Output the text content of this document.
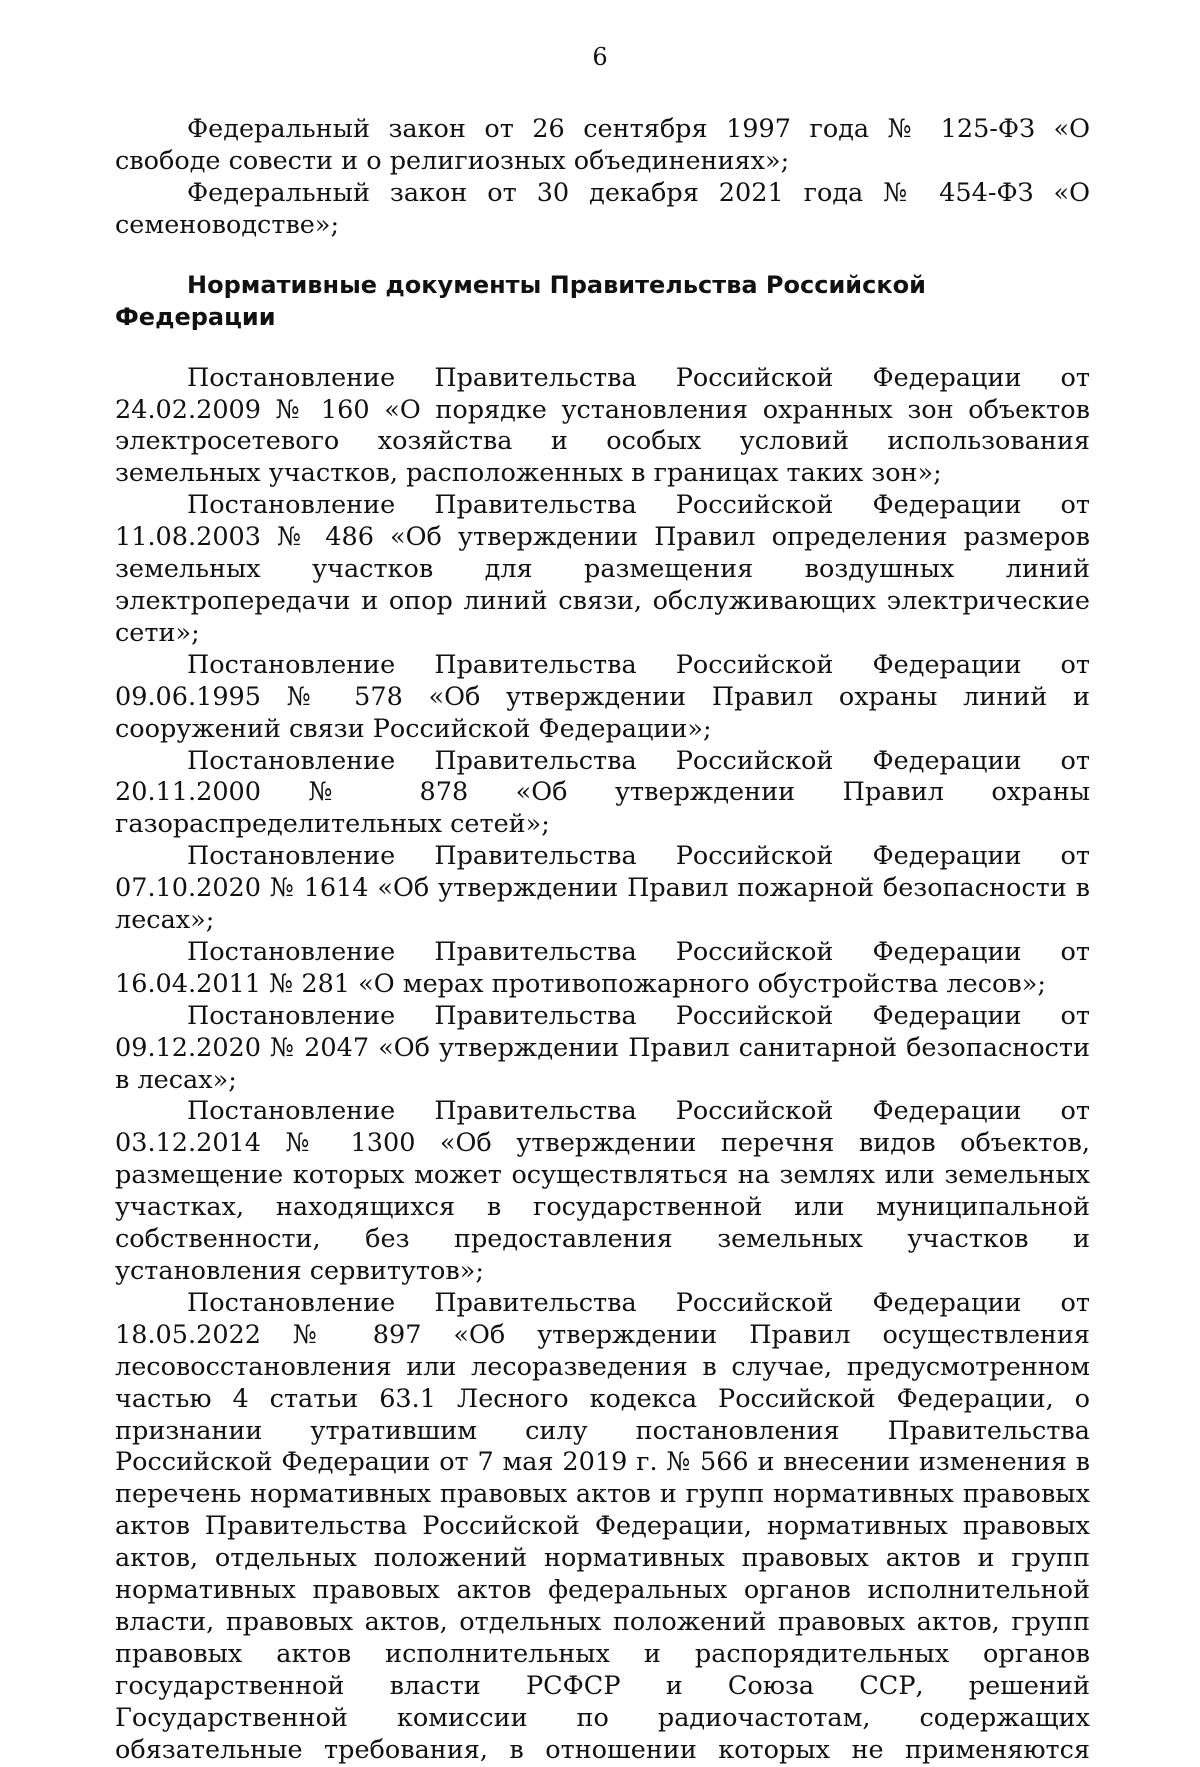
6

Федеральный закон от 26 сентября 1997 года № 125-ФЗ «О свободе совести и о религиозных объединениях»;

Федеральный закон от 30 декабря 2021 года № 454-ФЗ «О семеноводстве»;

Нормативные документы Правительства Российской Федерации

Постановление Правительства Российской Федерации от 24.02.2009 № 160 «О порядке установления охранных зон объектов электросетевого хозяйства и особых условий использования земельных участков, расположенных в границах таких зон»;

Постановление Правительства Российской Федерации от 11.08.2003 № 486 «Об утверждении Правил определения размеров земельных участков для размещения воздушных линий электропередачи и опор линий связи, обслуживающих электрические сети»;

Постановление Правительства Российской Федерации от 09.06.1995 № 578 «Об утверждении Правил охраны линий и сооружений связи Российской Федерации»;

Постановление Правительства Российской Федерации от 20.11.2000 № 878 «Об утверждении Правил охраны газораспределительных сетей»;

Постановление Правительства Российской Федерации от 07.10.2020 № 1614 «Об утверждении Правил пожарной безопасности в лесах»;

Постановление Правительства Российской Федерации от 16.04.2011 № 281 «О мерах противопожарного обустройства лесов»;

Постановление Правительства Российской Федерации от 09.12.2020 № 2047 «Об утверждении Правил санитарной безопасности в лесах»;

Постановление Правительства Российской Федерации от 03.12.2014 № 1300 «Об утверждении перечня видов объектов, размещение которых может осуществляться на землях или земельных участках, находящихся в государственной или муниципальной собственности, без предоставления земельных участков и установления сервитутов»;

Постановление Правительства Российской Федерации от 18.05.2022 № 897 «Об утверждении Правил осуществления лесовосстановления или лесоразведения в случае, предусмотренном частью 4 статьи 63.1 Лесного кодекса Российской Федерации, о признании утратившим силу постановления Правительства Российской Федерации от 7 мая 2019 г. № 566 и внесении изменения в перечень нормативных правовых актов и групп нормативных правовых актов Правительства Российской Федерации, нормативных правовых актов, отдельных положений нормативных правовых актов и групп нормативных правовых актов федеральных органов исполнительной власти, правовых актов, отдельных положений правовых актов, групп правовых актов исполнительных и распорядительных органов государственной власти РСФСР и Союза ССР, решений Государственной комиссии по радиочастотам, содержащих обязательные требования, в отношении которых не применяются
